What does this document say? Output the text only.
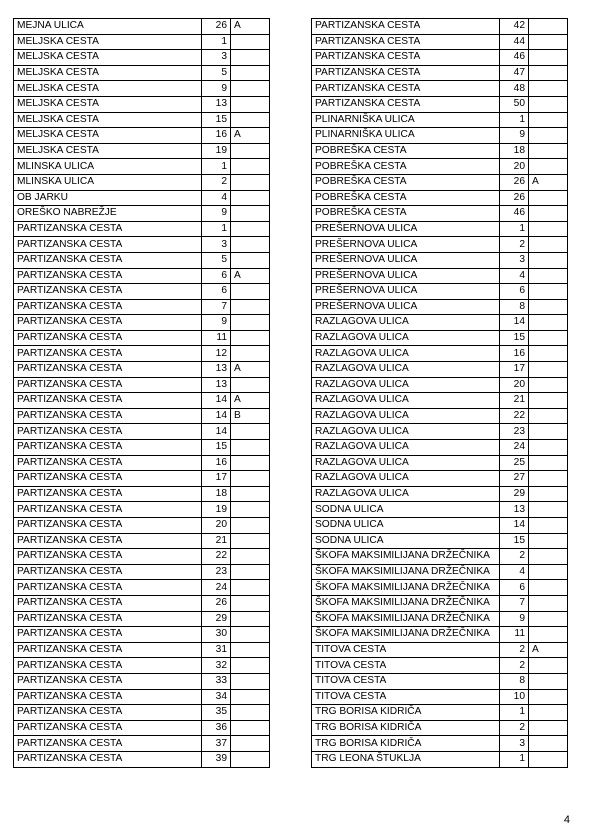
MEJNA ULICA	26	A
MELJSKA CESTA	1	
MELJSKA CESTA	3	
MELJSKA CESTA	5	
MELJSKA CESTA	9	
MELJSKA CESTA	13	
MELJSKA CESTA	15	
MELJSKA CESTA	16	A
MELJSKA CESTA	19	
MLINSKA ULICA	1	
MLINSKA ULICA	2	
OB JARKU	4	
OREŠKO NABREŽJE	9	
PARTIZANSKA CESTA	1	
PARTIZANSKA CESTA	3	
PARTIZANSKA CESTA	5	
PARTIZANSKA CESTA	6	A
PARTIZANSKA CESTA	6	
PARTIZANSKA CESTA	7	
PARTIZANSKA CESTA	9	
PARTIZANSKA CESTA	11	
PARTIZANSKA CESTA	12	
PARTIZANSKA CESTA	13	A
PARTIZANSKA CESTA	13	
PARTIZANSKA CESTA	14	A
PARTIZANSKA CESTA	14	B
PARTIZANSKA CESTA	14	
PARTIZANSKA CESTA	15	
PARTIZANSKA CESTA	16	
PARTIZANSKA CESTA	17	
PARTIZANSKA CESTA	18	
PARTIZANSKA CESTA	19	
PARTIZANSKA CESTA	20	
PARTIZANSKA CESTA	21	
PARTIZANSKA CESTA	22	
PARTIZANSKA CESTA	23	
PARTIZANSKA CESTA	24	
PARTIZANSKA CESTA	26	
PARTIZANSKA CESTA	29	
PARTIZANSKA CESTA	30	
PARTIZANSKA CESTA	31	
PARTIZANSKA CESTA	32	
PARTIZANSKA CESTA	33	
PARTIZANSKA CESTA	34	
PARTIZANSKA CESTA	35	
PARTIZANSKA CESTA	36	
PARTIZANSKA CESTA	37	
PARTIZANSKA CESTA	39	
PARTIZANSKA CESTA	42	
PARTIZANSKA CESTA	44	
PARTIZANSKA CESTA	46	
PARTIZANSKA CESTA	47	
PARTIZANSKA CESTA	48	
PARTIZANSKA CESTA	50	
PLINARNIŠKA ULICA	1	
PLINARNIŠKA ULICA	9	
POBREŠKA CESTA	18	
POBREŠKA CESTA	20	
POBREŠKA CESTA	26	A
POBREŠKA CESTA	26	
POBREŠKA CESTA	46	
PREŠERNOVA ULICA	1	
PREŠERNOVA ULICA	2	
PREŠERNOVA ULICA	3	
PREŠERNOVA ULICA	4	
PREŠERNOVA ULICA	6	
PREŠERNOVA ULICA	8	
RAZLAGOVA ULICA	14	
RAZLAGOVA ULICA	15	
RAZLAGOVA ULICA	16	
RAZLAGOVA ULICA	17	
RAZLAGOVA ULICA	20	
RAZLAGOVA ULICA	21	
RAZLAGOVA ULICA	22	
RAZLAGOVA ULICA	23	
RAZLAGOVA ULICA	24	
RAZLAGOVA ULICA	25	
RAZLAGOVA ULICA	27	
RAZLAGOVA ULICA	29	
SODNA ULICA	13	
SODNA ULICA	14	
SODNA ULICA	15	
ŠKOFA MAKSIMILIJANA DRŽEČNIKA	2	
ŠKOFA MAKSIMILIJANA DRŽEČNIKA	4	
ŠKOFA MAKSIMILIJANA DRŽEČNIKA	6	
ŠKOFA MAKSIMILIJANA DRŽEČNIKA	7	
ŠKOFA MAKSIMILIJANA DRŽEČNIKA	9	
ŠKOFA MAKSIMILIJANA DRŽEČNIKA	11	
TITOVA CESTA	2	A
TITOVA CESTA	2	
TITOVA CESTA	8	
TITOVA CESTA	10	
TRG BORISA KIDRIČA	1	
TRG BORISA KIDRIČA	2	
TRG BORISA KIDRIČA	3	
TRG LEONA ŠTUKLJA	1	
4
